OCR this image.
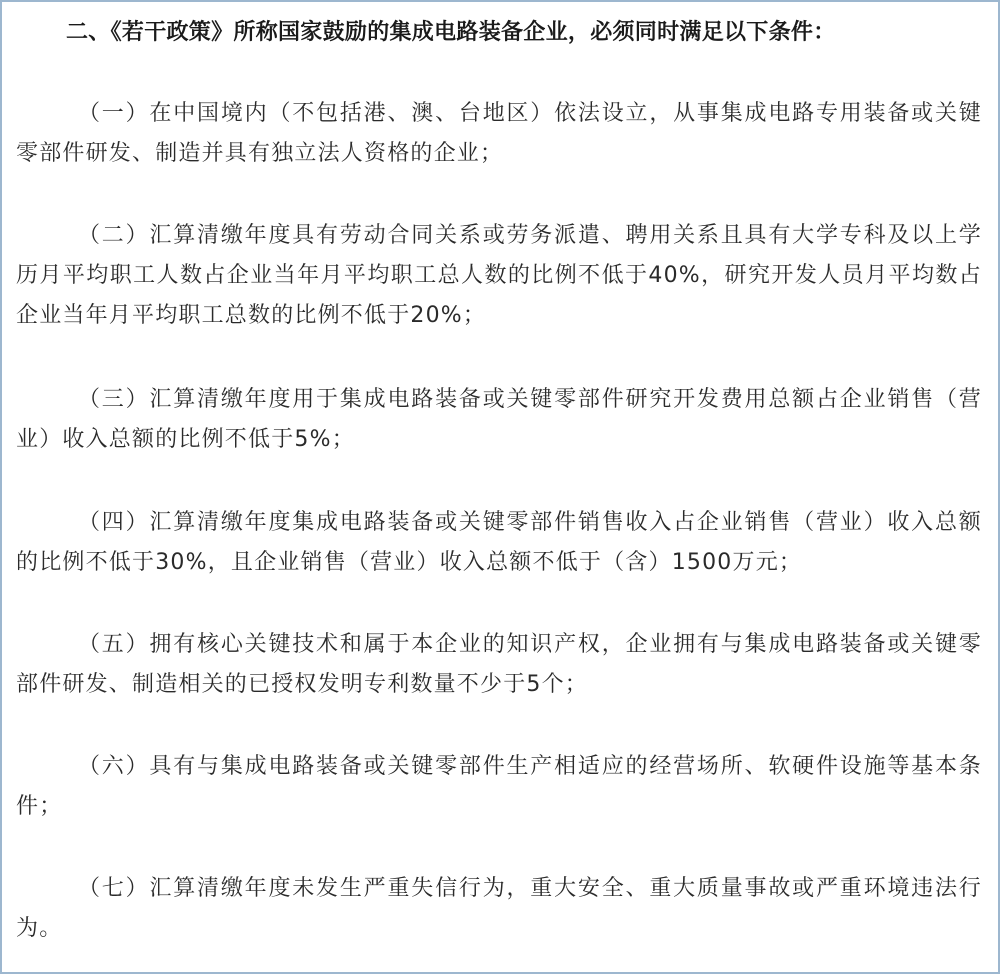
二、《若干政策》所称国家鼓励的集成电路装备企业，必须同时满足以下条件：

（一）在中国境内（不包括港、澳、台地区）依法设立，从事集成电路专用装备或关键零部件研发、制造并具有独立法人资格的企业；

（二）汇算清缴年度具有劳动合同关系或劳务派遣、聘用关系且具有大学专科及以上学历月平均职工人数占企业当年月平均职工总人数的比例不低于40%，研究开发人员月平均数占企业当年月平均职工总数的比例不低于20%；

（三）汇算清缴年度用于集成电路装备或关键零部件研究开发费用总额占企业销售（营业）收入总额的比例不低于5%；

（四）汇算清缴年度集成电路装备或关键零部件销售收入占企业销售（营业）收入总额的比例不低于30%，且企业销售（营业）收入总额不低于（含）1500万元；

（五）拥有核心关键技术和属于本企业的知识产权，企业拥有与集成电路装备或关键零部件研发、制造相关的已授权发明专利数量不少于5个；

（六）具有与集成电路装备或关键零部件生产相适应的经营场所、软硬件设施等基本条件；

（七）汇算清缴年度未发生严重失信行为，重大安全、重大质量事故或严重环境违法行为。
